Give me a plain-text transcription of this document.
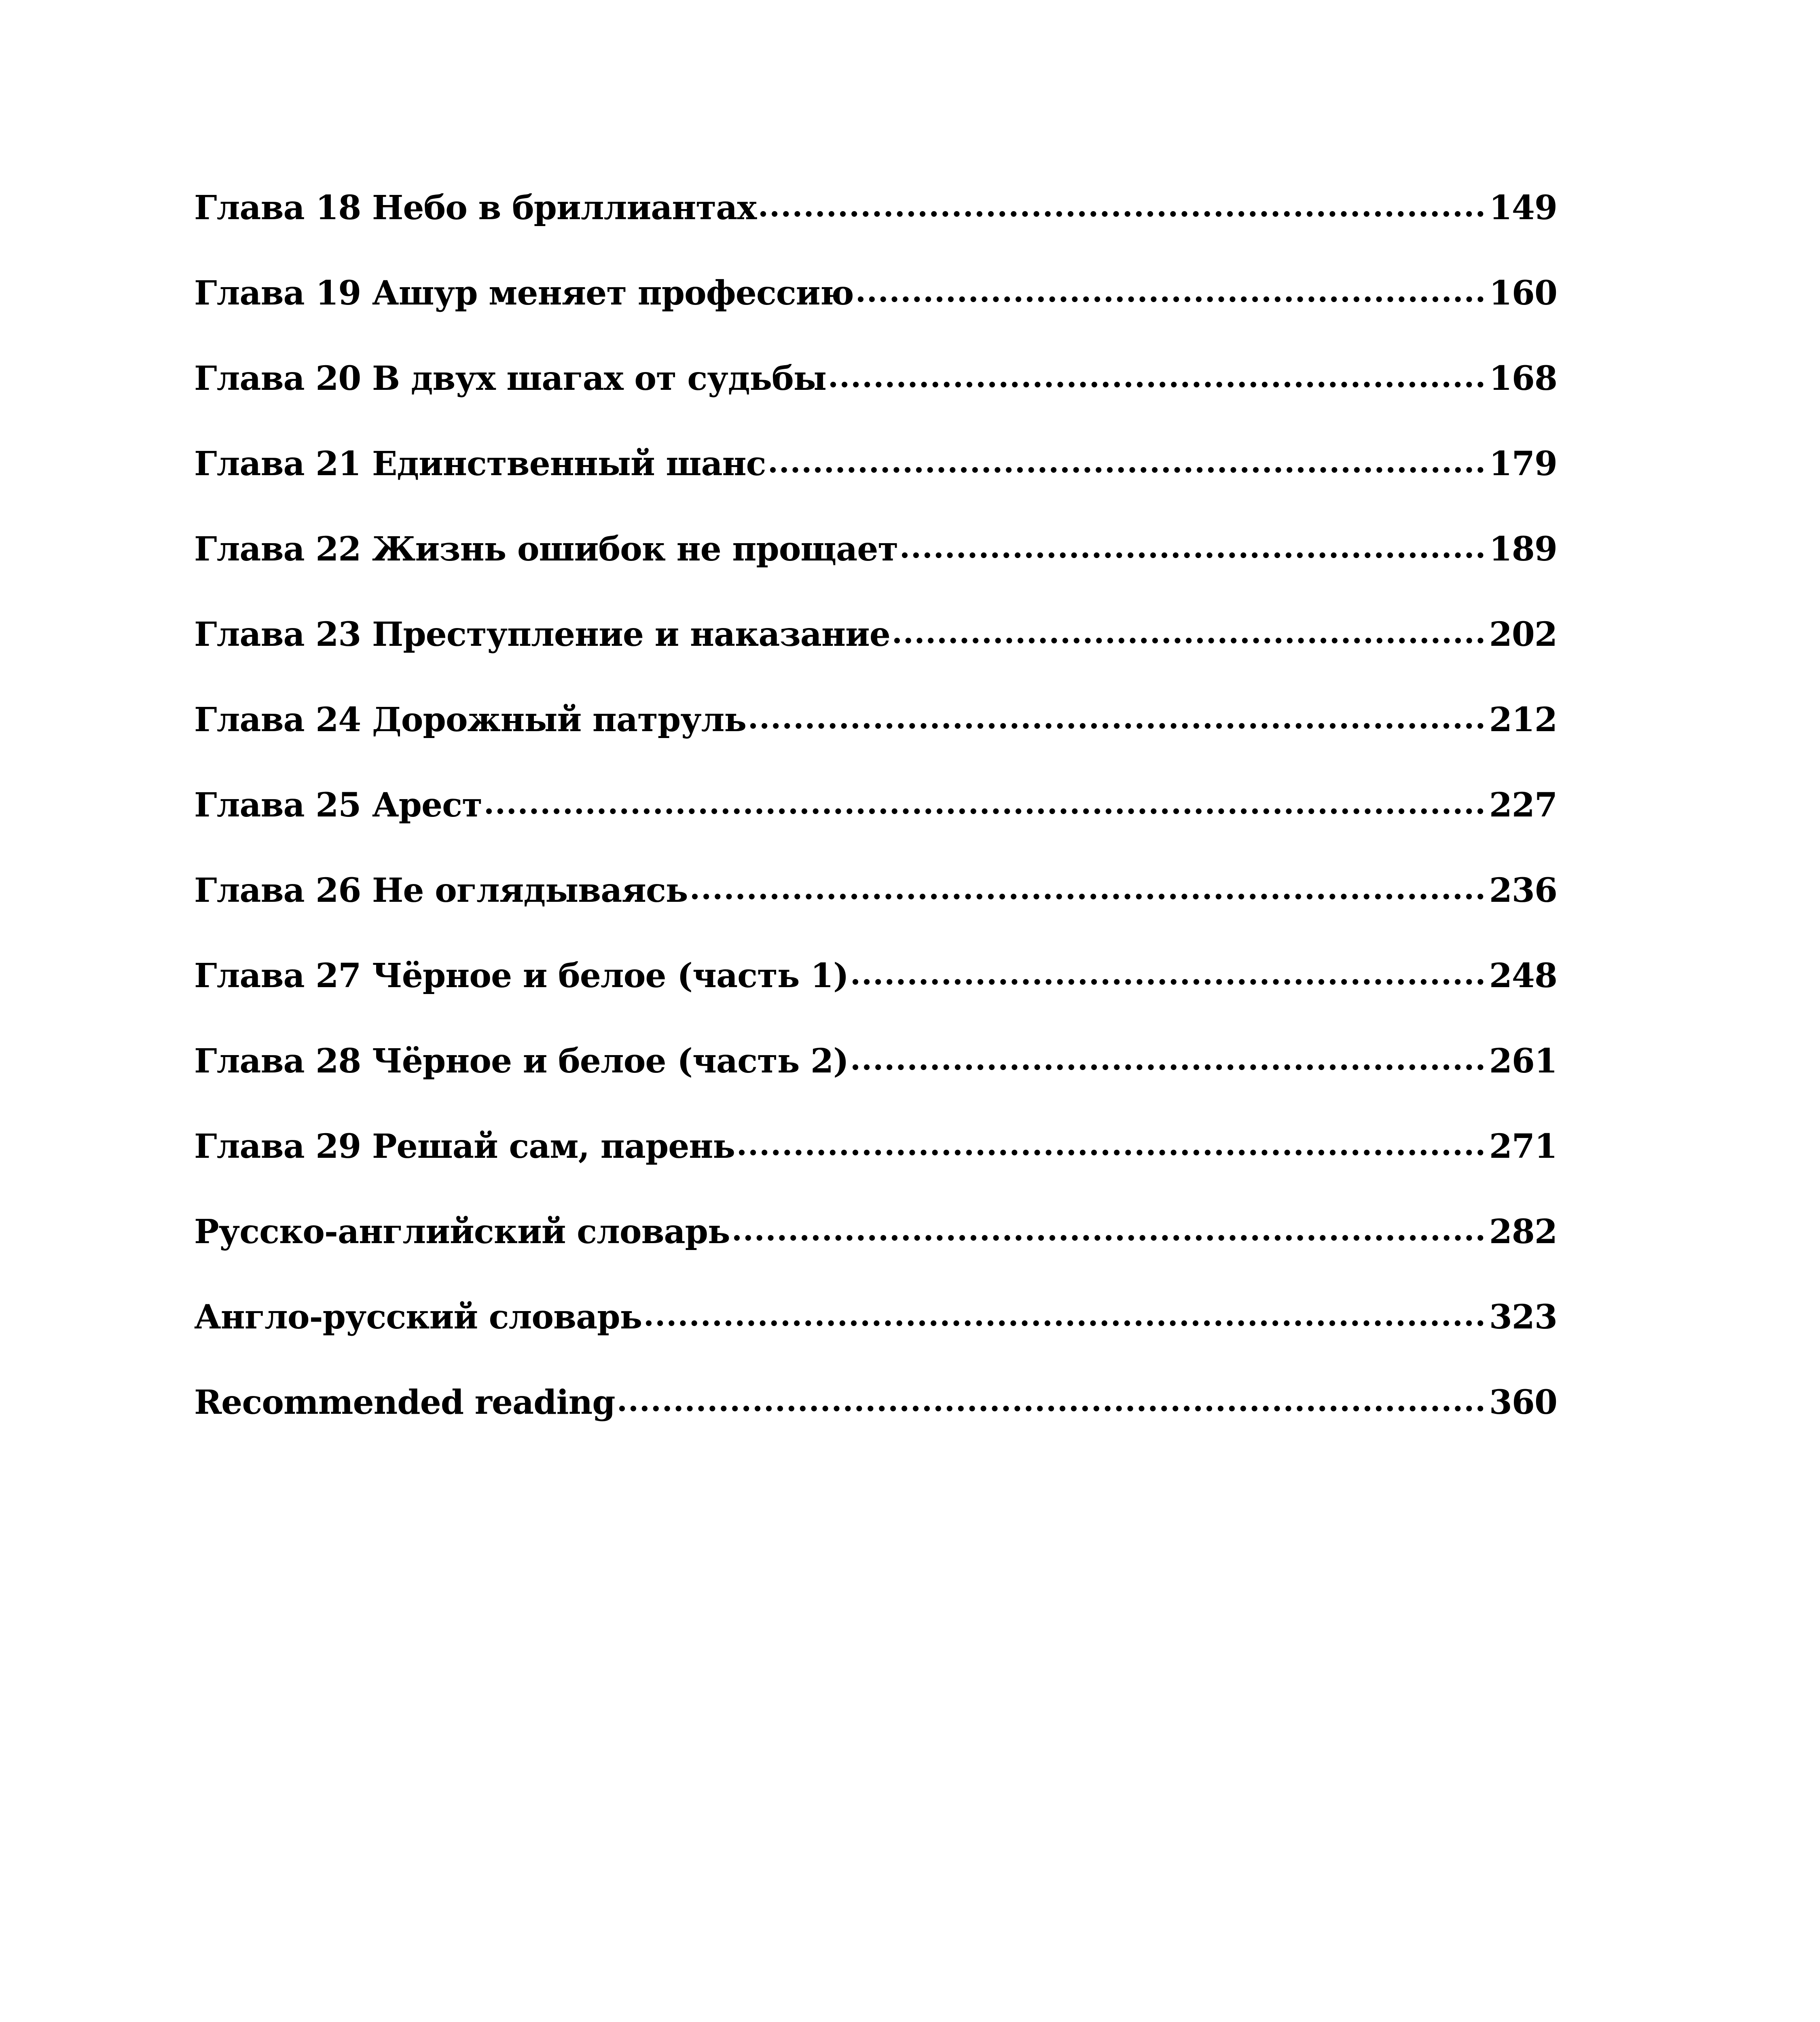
Глава 18 Небо в бриллиантах	149
Глава 19 Ашур меняет профессию	160
Глава 20 В двух шагах от судьбы	168
Глава 21 Единственный шанс	179
Глава 22 Жизнь ошибок не прощает	189
Глава 23 Преступление и наказание	202
Глава 24 Дорожный патруль	212
Глава 25 Арест	227
Глава 26 Не оглядываясь	236
Глава 27 Чёрное и белое (часть 1)	248
Глава 28 Чёрное и белое (часть 2)	261
Глава 29 Решай сам, парень	271
Русско-английский словарь	282
Англо-русский словарь	323
Recommended reading	360
